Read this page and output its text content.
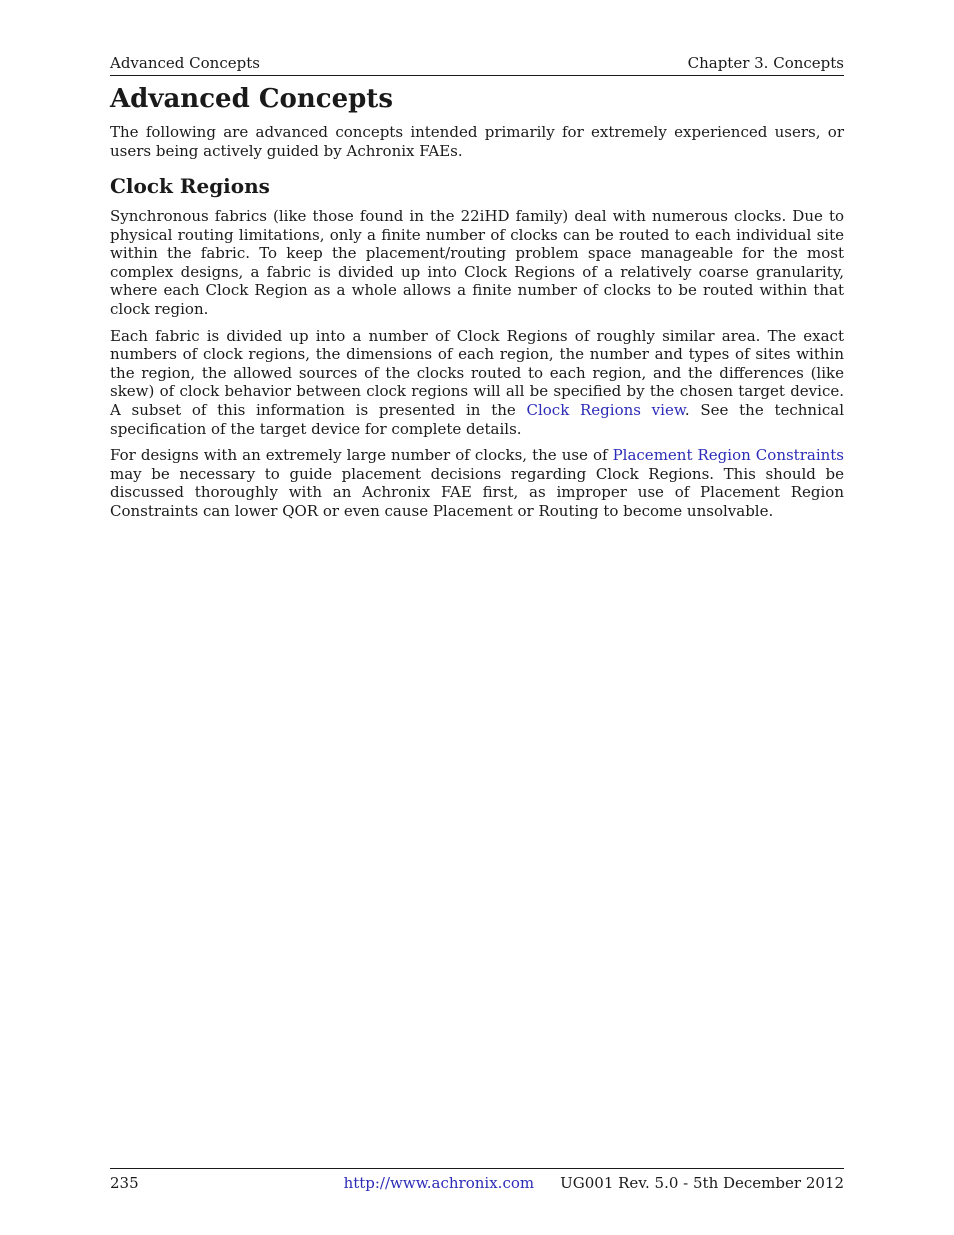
Advanced Concepts	Chapter 3. Concepts
Advanced Concepts

The following are advanced concepts intended primarily for extremely experienced users, or users being actively guided by Achronix FAEs.

Clock Regions

Synchronous fabrics (like those found in the 22iHD family) deal with numerous clocks. Due to physical routing limitations, only a finite number of clocks can be routed to each individual site within the fabric. To keep the placement/routing problem space manageable for the most complex designs, a fabric is divided up into Clock Regions of a relatively coarse granularity, where each Clock Region as a whole allows a finite number of clocks to be routed within that clock region.

Each fabric is divided up into a number of Clock Regions of roughly similar area. The exact numbers of clock regions, the dimensions of each region, the number and types of sites within the region, the allowed sources of the clocks routed to each region, and the differences (like skew) of clock behavior between clock regions will all be specified by the chosen target device. A subset of this information is presented in the Clock Regions view. See the technical specification of the target device for complete details.

For designs with an extremely large number of clocks, the use of Placement Region Constraints may be necessary to guide placement decisions regarding Clock Regions. This should be discussed thoroughly with an Achronix FAE first, as improper use of Placement Region Constraints can lower QOR or even cause Placement or Routing to become unsolvable.

235	http://www.achronix.com UG001 Rev. 5.0 - 5th December 2012
